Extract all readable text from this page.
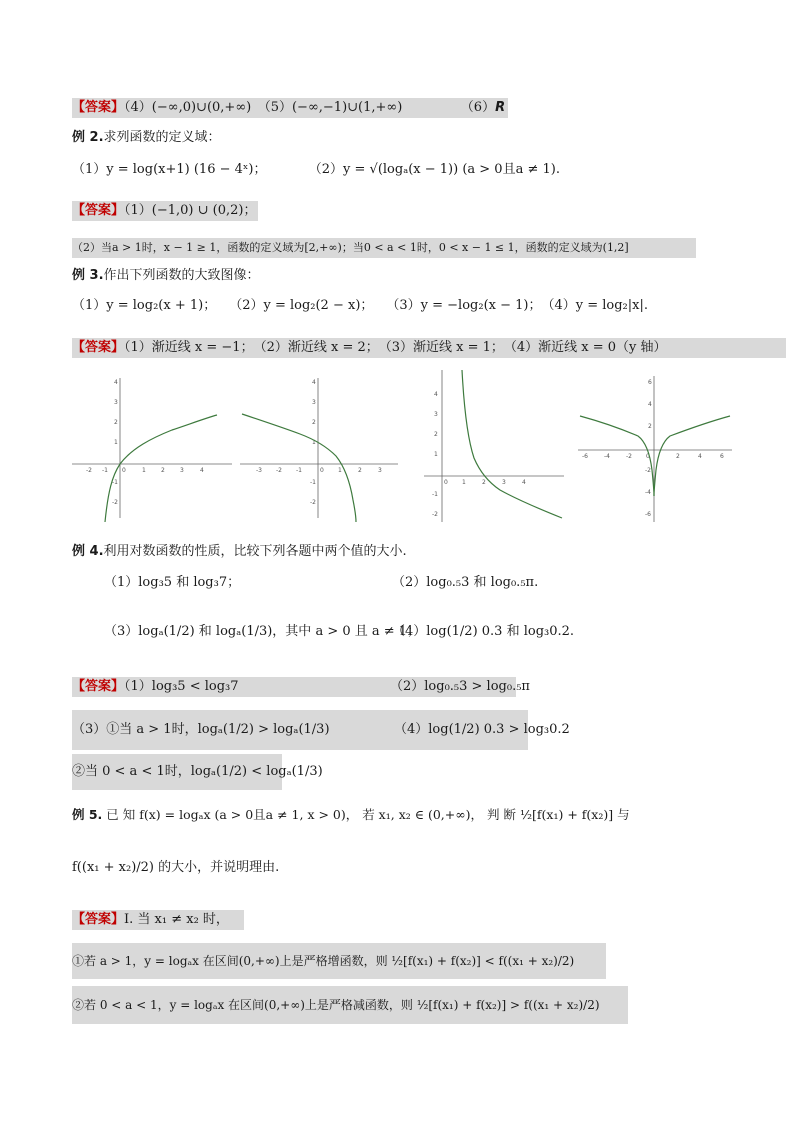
【答案】（4）(−∞,0)∪(0,+∞)　（5）(−∞,−1)∪(1,+∞)　　　　　（6）R
例 2.求列函数的定义域：
（1）y = log(x+1) (16 − 4ˣ)；	（2）y = √(logₐ(x − 1)) (a > 0且a ≠ 1).
【答案】（1）(−1,0) ∪ (0,2)；
（2）当a > 1时，x − 1 ≥ 1，函数的定义域为[2,+∞)；当0 < a < 1时，0 < x − 1 ≤ 1，函数的定义域为(1,2]
例 3.作出下列函数的大致图像：
（1）y = log₂(x + 1)；　　（2）y = log₂(2 − x)；　　（3）y = −log₂(x − 1)；　（4）y = log₂|x|.
【答案】（1）渐近线 x = −1；　（2）渐近线 x = 2；　（3）渐近线 x = 1；　（4）渐近线 x = 0（y 轴）
-2 -1 0	1	2	3	4
4
3
2
1
-1
-2
-3 -2 -1	0 1	2	3
4
3
2
1
-1
-2
0 1	2	3	4
4
3
2
1
-1
-2
-6	-4	-2 0	2	4	6
6
4
2
-2
-4
-6
例 4.利用对数函数的性质，比较下列各题中两个值的大小.
（1）log₃5 和 log₃7；	（2）log₀.₅3 和 log₀.₅π.
（3）logₐ(1/2) 和 logₐ(1/3)，其中 a > 0 且 a ≠ 1；
（4）log(1/2) 0.3 和 log₃0.2.
【答案】（1）log₃5 < log₃7	（2）log₀.₅3 > log₀.₅π
（3）①当 a > 1时，logₐ(1/2) > logₐ(1/3)	（4）log(1/2) 0.3 > log₃0.2
②当 0 < a < 1时，logₐ(1/2) < logₐ(1/3)
例 5. 已 知 f(x) = logₐx (a > 0且a ≠ 1, x > 0)， 若 x₁, x₂ ∈ (0,+∞)， 判 断 ½[f(x₁) + f(x₂)] 与
f((x₁ + x₂)/2) 的大小，并说明理由.
【答案】Ⅰ. 当 x₁ ≠ x₂ 时，
①若 a > 1，y = logₐx 在区间(0,+∞)上是严格增函数，则 ½[f(x₁) + f(x₂)] < f((x₁ + x₂)/2)
②若 0 < a < 1，y = logₐx 在区间(0,+∞)上是严格减函数，则 ½[f(x₁) + f(x₂)] > f((x₁ + x₂)/2)
